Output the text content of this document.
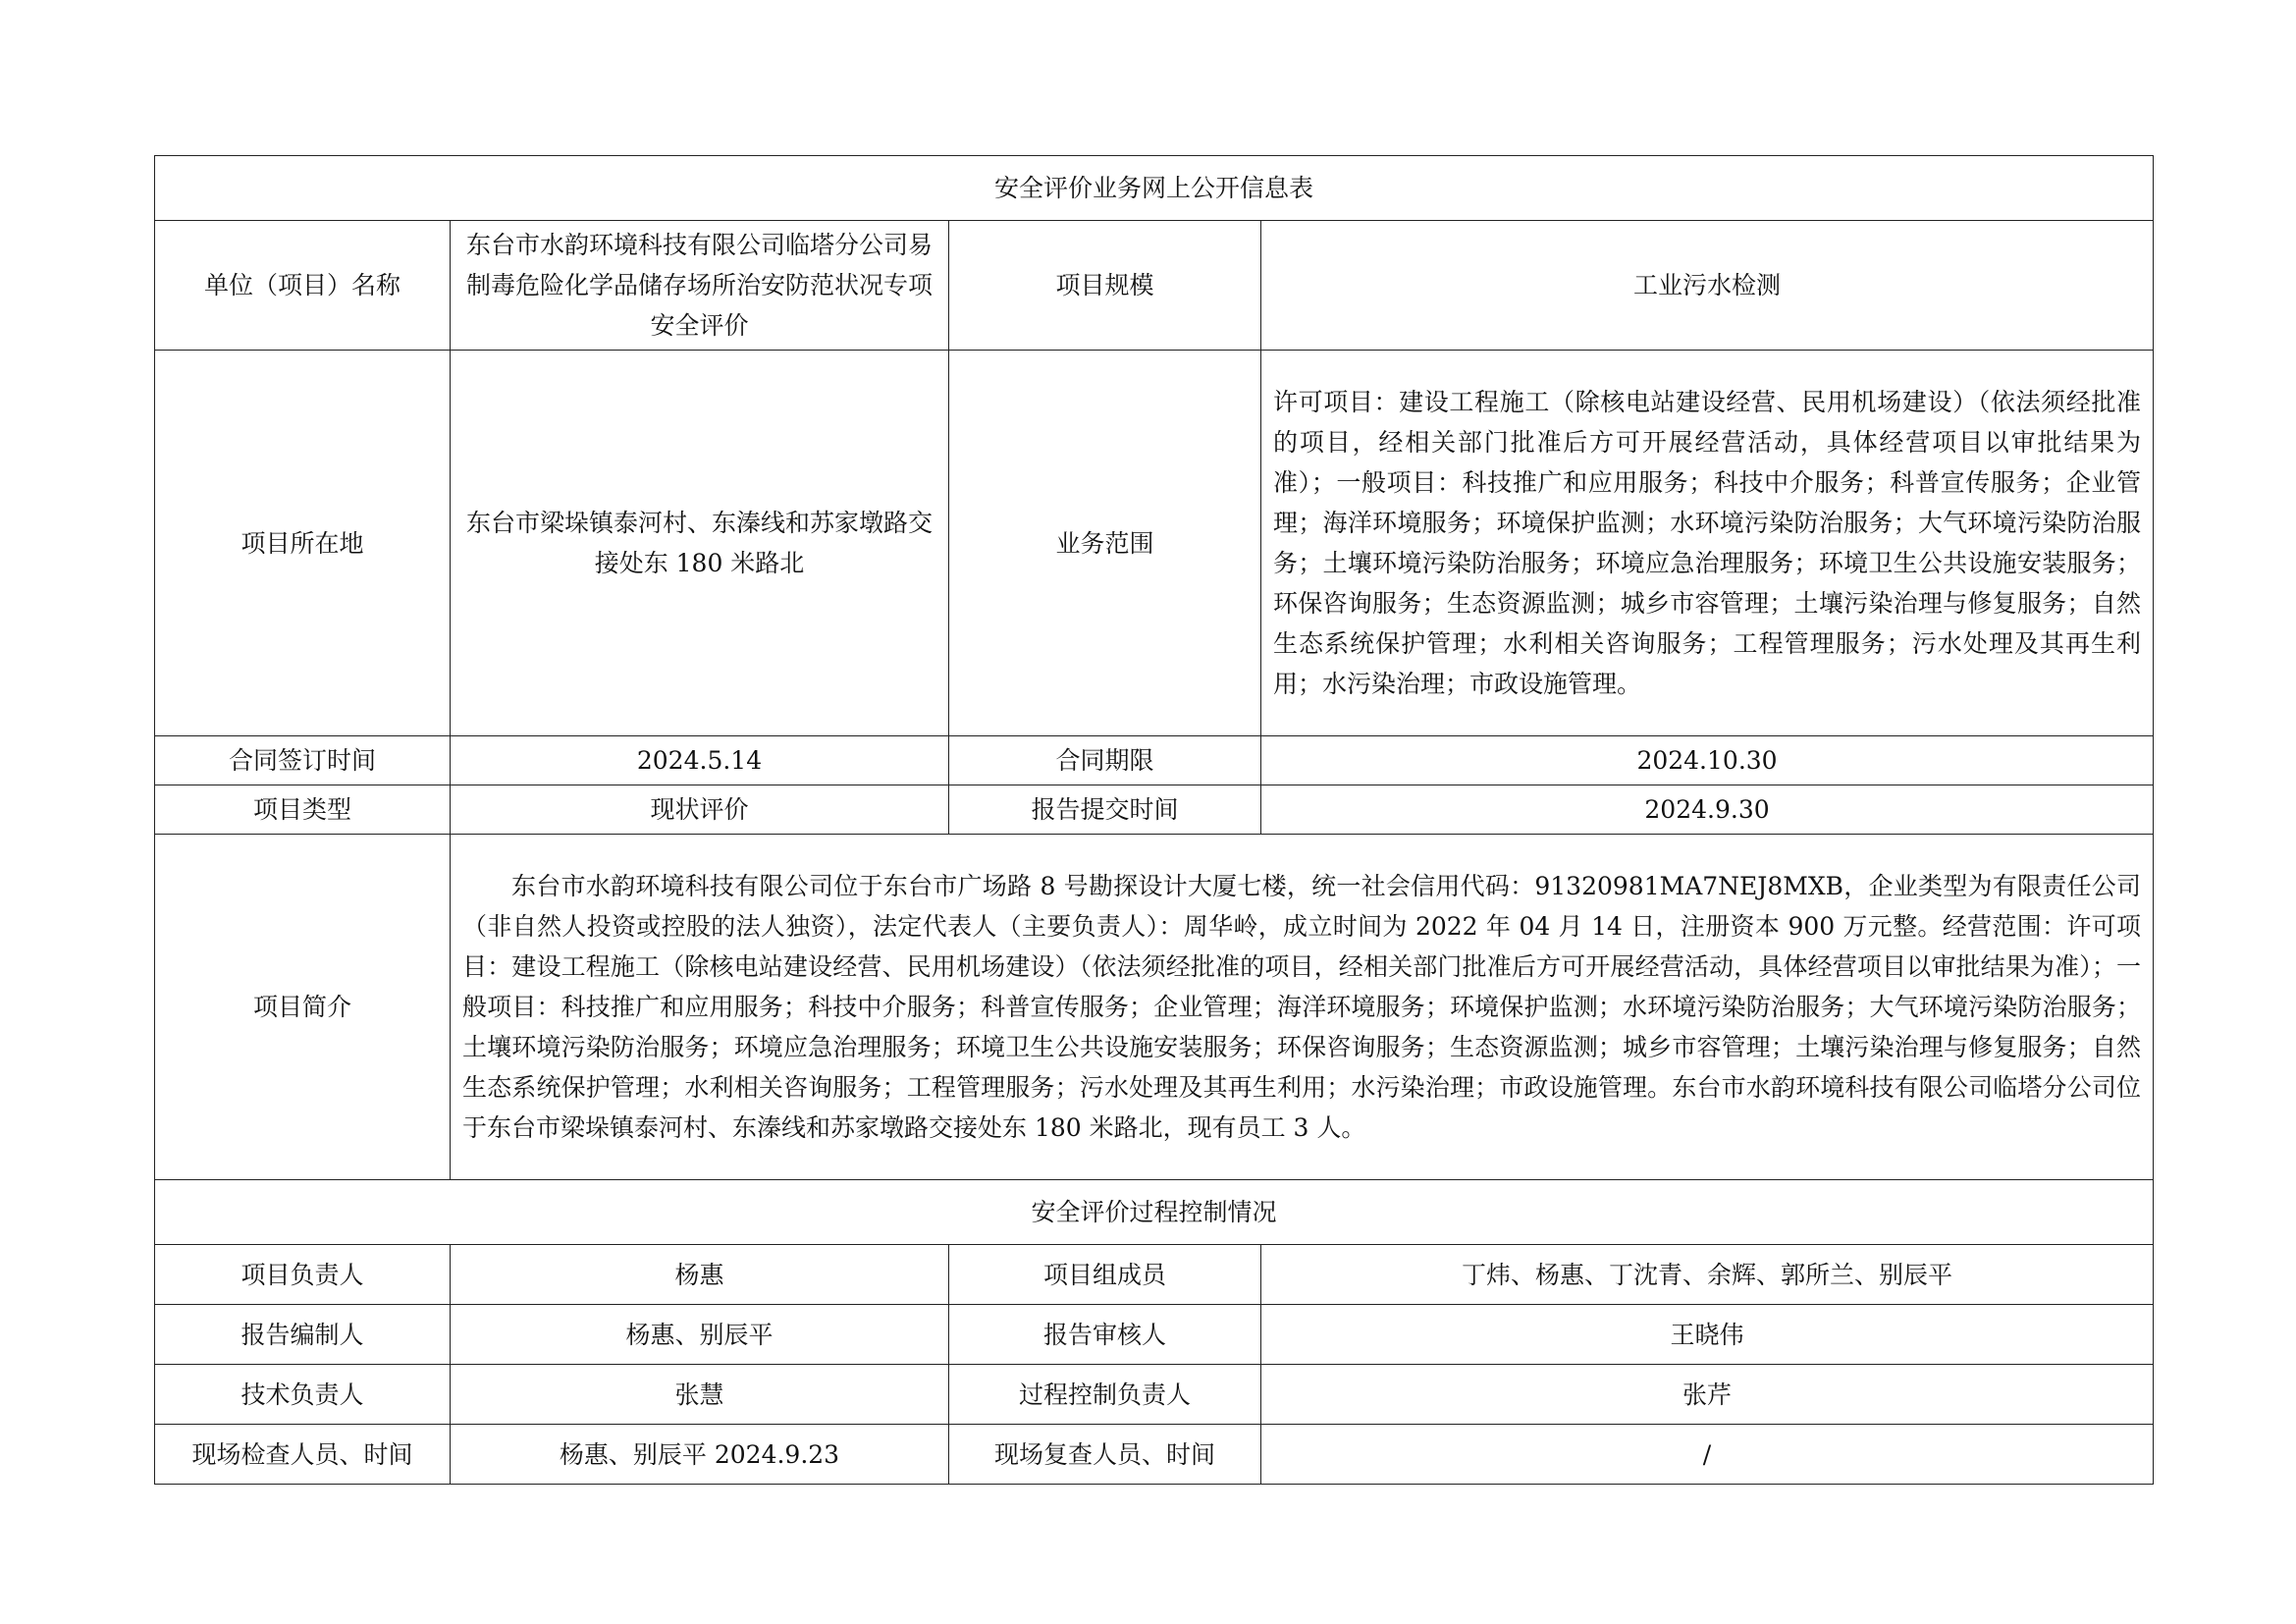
安全评价业务网上公开信息表			
单位（项目）名称	东台市水韵环境科技有限公司临塔分公司易制毒危险化学品储存场所治安防范状况专项安全评价	项目规模	工业污水检测
项目所在地	东台市梁垛镇泰河村、东溱线和苏家墩路交接处东 180 米路北	业务范围	许可项目：建设工程施工（除核电站建设经营、民用机场建设）（依法须经批准的项目，经相关部门批准后方可开展经营活动，具体经营项目以审批结果为准）；一般项目：科技推广和应用服务；科技中介服务；科普宣传服务；企业管理；海洋环境服务；环境保护监测；水环境污染防治服务；大气环境污染防治服务；土壤环境污染防治服务；环境应急治理服务；环境卫生公共设施安装服务；环保咨询服务；生态资源监测；城乡市容管理；土壤污染治理与修复服务；自然生态系统保护管理；水利相关咨询服务；工程管理服务；污水处理及其再生利用；水污染治理；市政设施管理。
合同签订时间	2024.5.14	合同期限	2024.10.30
项目类型	现状评价	报告提交时间	2024.9.30
项目简介	东台市水韵环境科技有限公司位于东台市广场路 8 号勘探设计大厦七楼，统一社会信用代码：91320981MA7NEJ8MXB，企业类型为有限责任公司（非自然人投资或控股的法人独资），法定代表人（主要负责人）：周华岭，成立时间为 2022 年 04 月 14 日，注册资本 900 万元整。经营范围：许可项目：建设工程施工（除核电站建设经营、民用机场建设）（依法须经批准的项目，经相关部门批准后方可开展经营活动，具体经营项目以审批结果为准）；一般项目：科技推广和应用服务；科技中介服务；科普宣传服务；企业管理；海洋环境服务；环境保护监测；水环境污染防治服务；大气环境污染防治服务；土壤环境污染防治服务；环境应急治理服务；环境卫生公共设施安装服务；环保咨询服务；生态资源监测；城乡市容管理；土壤污染治理与修复服务；自然生态系统保护管理；水利相关咨询服务；工程管理服务；污水处理及其再生利用；水污染治理；市政设施管理。东台市水韵环境科技有限公司临塔分公司位于东台市梁垛镇泰河村、东溱线和苏家墩路交接处东 180 米路北，现有员工 3 人。		
安全评价过程控制情况			
项目负责人	杨惠	项目组成员	丁炜、杨惠、丁沈青、余辉、郭所兰、别辰平
报告编制人	杨惠、别辰平	报告审核人	王晓伟
技术负责人	张慧	过程控制负责人	张芹
现场检查人员、时间	杨惠、别辰平 2024.9.23	现场复查人员、时间	/
